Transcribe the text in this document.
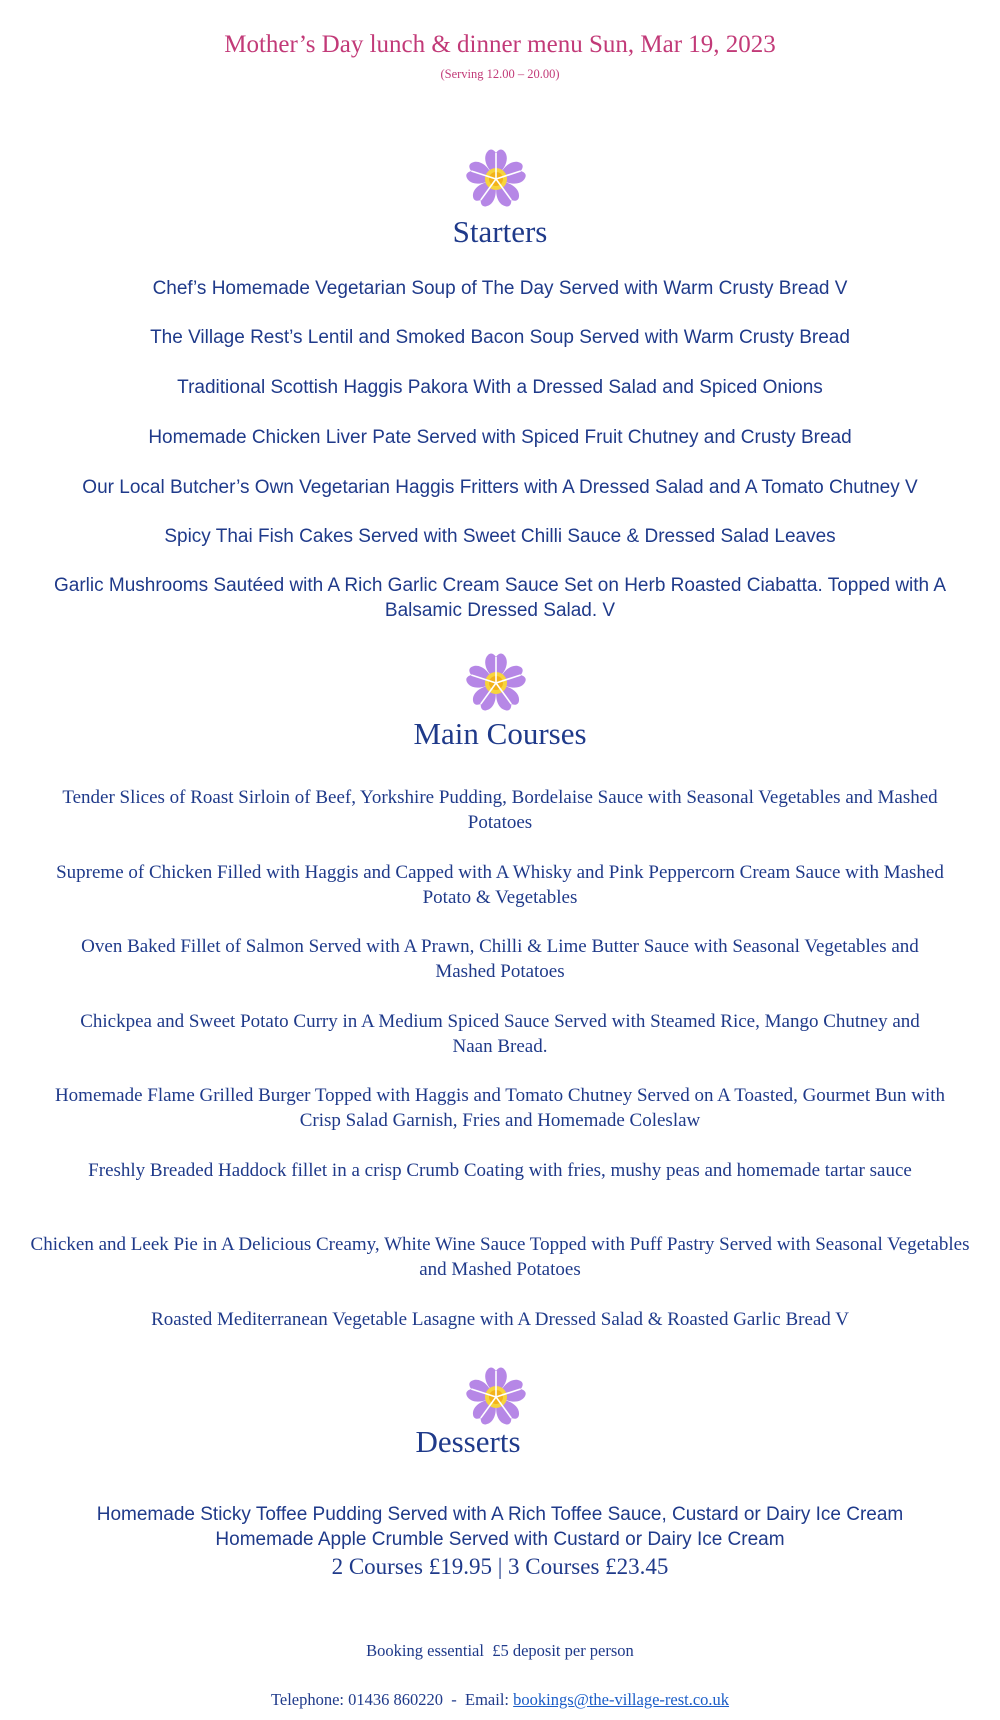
Mother’s Day lunch & dinner menu Sun, Mar 19, 2023
(Serving 12.00 – 20.00)
Starters
Chef’s Homemade Vegetarian Soup of The Day Served with Warm Crusty Bread V
The Village Rest’s Lentil and Smoked Bacon Soup Served with Warm Crusty Bread
Traditional Scottish Haggis Pakora With a Dressed Salad and Spiced Onions
Homemade Chicken Liver Pate Served with Spiced Fruit Chutney and Crusty Bread
Our Local Butcher’s Own Vegetarian Haggis Fritters with A Dressed Salad and A Tomato Chutney V
Spicy Thai Fish Cakes Served with Sweet Chilli Sauce & Dressed Salad Leaves
Garlic Mushrooms Sautéed with A Rich Garlic Cream Sauce Set on Herb Roasted Ciabatta. Topped with A Balsamic Dressed Salad. V
Main Courses
Tender Slices of Roast Sirloin of Beef, Yorkshire Pudding, Bordelaise Sauce with Seasonal Vegetables and Mashed Potatoes
Supreme of Chicken Filled with Haggis and Capped with A Whisky and Pink Peppercorn Cream Sauce with Mashed Potato & Vegetables
Oven Baked Fillet of Salmon Served with A Prawn, Chilli & Lime Butter Sauce with Seasonal Vegetables and Mashed Potatoes
Chickpea and Sweet Potato Curry in A Medium Spiced Sauce Served with Steamed Rice, Mango Chutney and Naan Bread.
Homemade Flame Grilled Burger Topped with Haggis and Tomato Chutney Served on A Toasted, Gourmet Bun with Crisp Salad Garnish, Fries and Homemade Coleslaw
Freshly Breaded Haddock fillet in a crisp Crumb Coating with fries, mushy peas and homemade tartar sauce
Chicken and Leek Pie in A Delicious Creamy, White Wine Sauce Topped with Puff Pastry Served with Seasonal Vegetables and Mashed Potatoes
Roasted Mediterranean Vegetable Lasagne with A Dressed Salad & Roasted Garlic Bread V
Desserts
Homemade Sticky Toffee Pudding Served with A Rich Toffee Sauce, Custard or Dairy Ice Cream
Homemade Apple Crumble Served with Custard or Dairy Ice Cream
2 Courses £19.95 | 3 Courses £23.45
Booking essential  £5 deposit per person
Telephone: 01436 860220  -  Email: bookings@the-village-rest.co.uk
